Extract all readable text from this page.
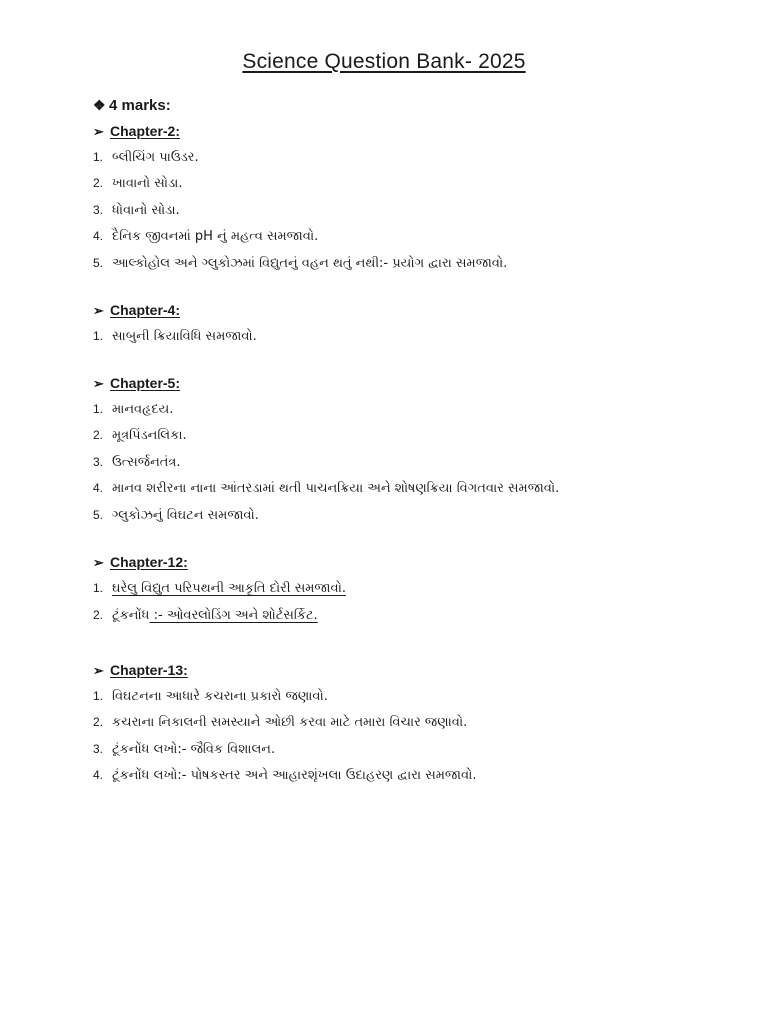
Science Question Bank- 2025
❖ 4 marks:
➢ Chapter-2:
1. બ્લીચિંગ પાઉડર.
2. ખાવાનો સોડા.
3. ધોવાનો સોડા.
4. દૈનિક જીવનમાં pH નું મહત્વ સમજાવો.
5. આલ્કોહોલ અને ગ્લુકોઝમાં વિદ્યુતનું વહન થતું નથી:- પ્રયોગ દ્વારા સમજાવો.
➢ Chapter-4:
1. સાબુની ક્રિયાવિધિ સમજાવો.
➢ Chapter-5:
1. માનવહૃદય.
2. મૂત્રપિંડનલિકા.
3. ઉત્સર્જનતંત્ર.
4. માનવ શરીરના નાના આંતરડામાં થતી પાચનક્રિયા અને શોષણક્રિયા વિગતવાર સમજાવો.
5. ગ્લુકોઝનું વિઘટન સમજાવો.
➢ Chapter-12:
1. ઘરેલુ વિદ્યુત પરિપથની આકૃતિ દોરી સમજાવો.
2. ટૂંકનોંધ :- ઓવરલોડિંગ અને શોર્ટસર્કિટ.
➢ Chapter-13:
1. વિઘટનના આધારે કચરાના પ્રકારો જણાવો.
2. કચરાના નિકાલની સમસ્યાને ઓછી કરવા માટે તમારા વિચાર જણાવો.
3. ટૂંકનોંધ લખો:- જૈવિક વિશાલન.
4. ટૂંકનોંધ લખો:- પોષકસ્તર અને આહારશૃંખલા ઉદાહરણ દ્વારા સમજાવો.
